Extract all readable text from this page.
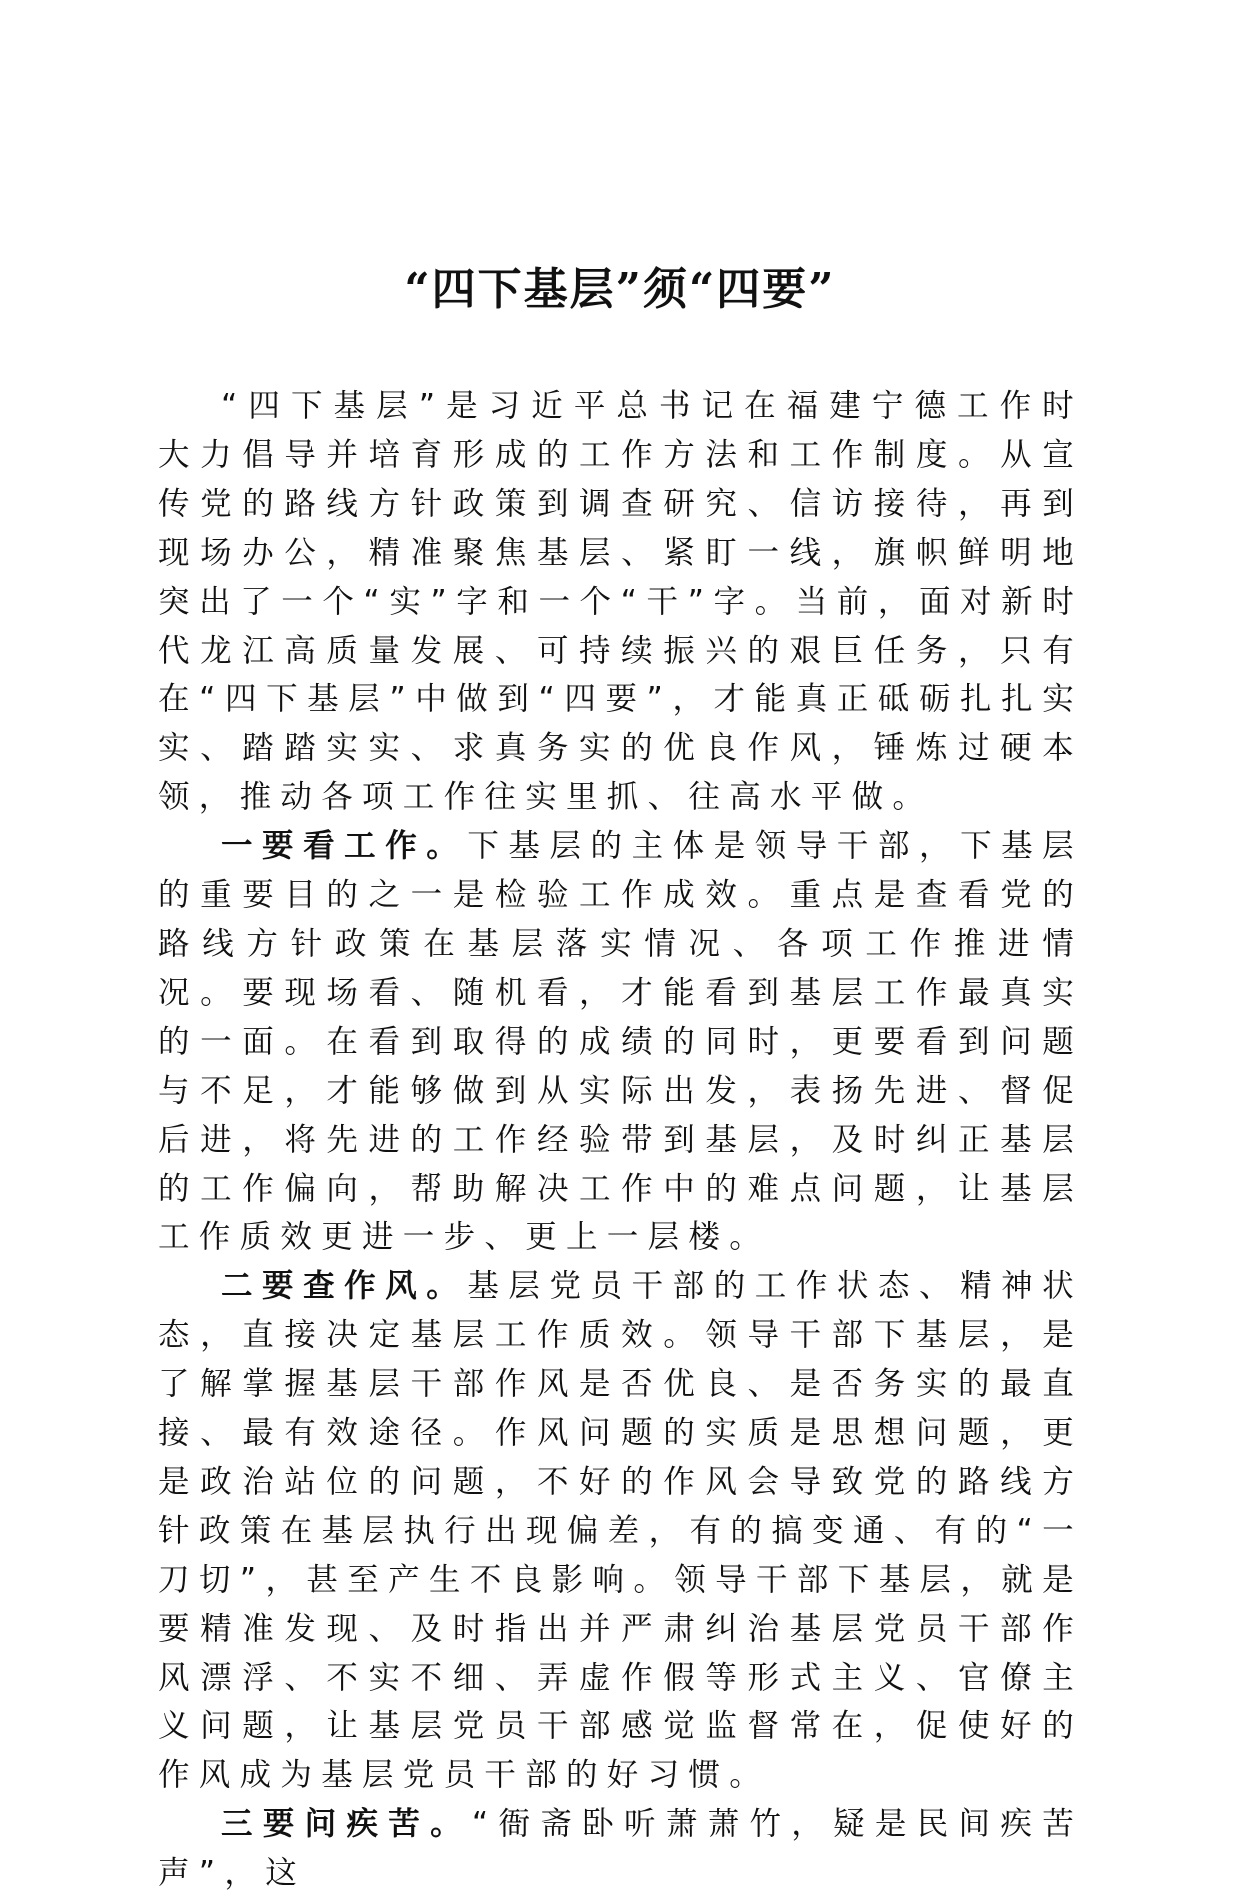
“四下基层”须“四要”

“四下基层”是习近平总书记在福建宁德工作时大力倡导并培育形成的工作方法和工作制度。从宣传党的路线方针政策到调查研究、信访接待，再到现场办公，精准聚焦基层、紧盯一线，旗帜鲜明地突出了一个“实”字和一个“干”字。当前，面对新时代龙江高质量发展、可持续振兴的艰巨任务，只有在“四下基层”中做到“四要”，才能真正砥砺扎扎实实、踏踏实实、求真务实的优良作风，锤炼过硬本领，推动各项工作往实里抓、往高水平做。

一要看工作。下基层的主体是领导干部，下基层的重要目的之一是检验工作成效。重点是查看党的路线方针政策在基层落实情况、各项工作推进情况。要现场看、随机看，才能看到基层工作最真实的一面。在看到取得的成绩的同时，更要看到问题与不足，才能够做到从实际出发，表扬先进、督促后进，将先进的工作经验带到基层，及时纠正基层的工作偏向，帮助解决工作中的难点问题，让基层工作质效更进一步、更上一层楼。

二要查作风。基层党员干部的工作状态、精神状态，直接决定基层工作质效。领导干部下基层，是了解掌握基层干部作风是否优良、是否务实的最直接、最有效途径。作风问题的实质是思想问题，更是政治站位的问题，不好的作风会导致党的路线方针政策在基层执行出现偏差，有的搞变通、有的“一刀切”，甚至产生不良影响。领导干部下基层，就是要精准发现、及时指出并严肃纠治基层党员干部作风漂浮、不实不细、弄虚作假等形式主义、官僚主义问题，让基层党员干部感觉监督常在，促使好的作风成为基层党员干部的好习惯。

三要问疾苦。“衙斋卧听萧萧竹，疑是民间疾苦声”，这
